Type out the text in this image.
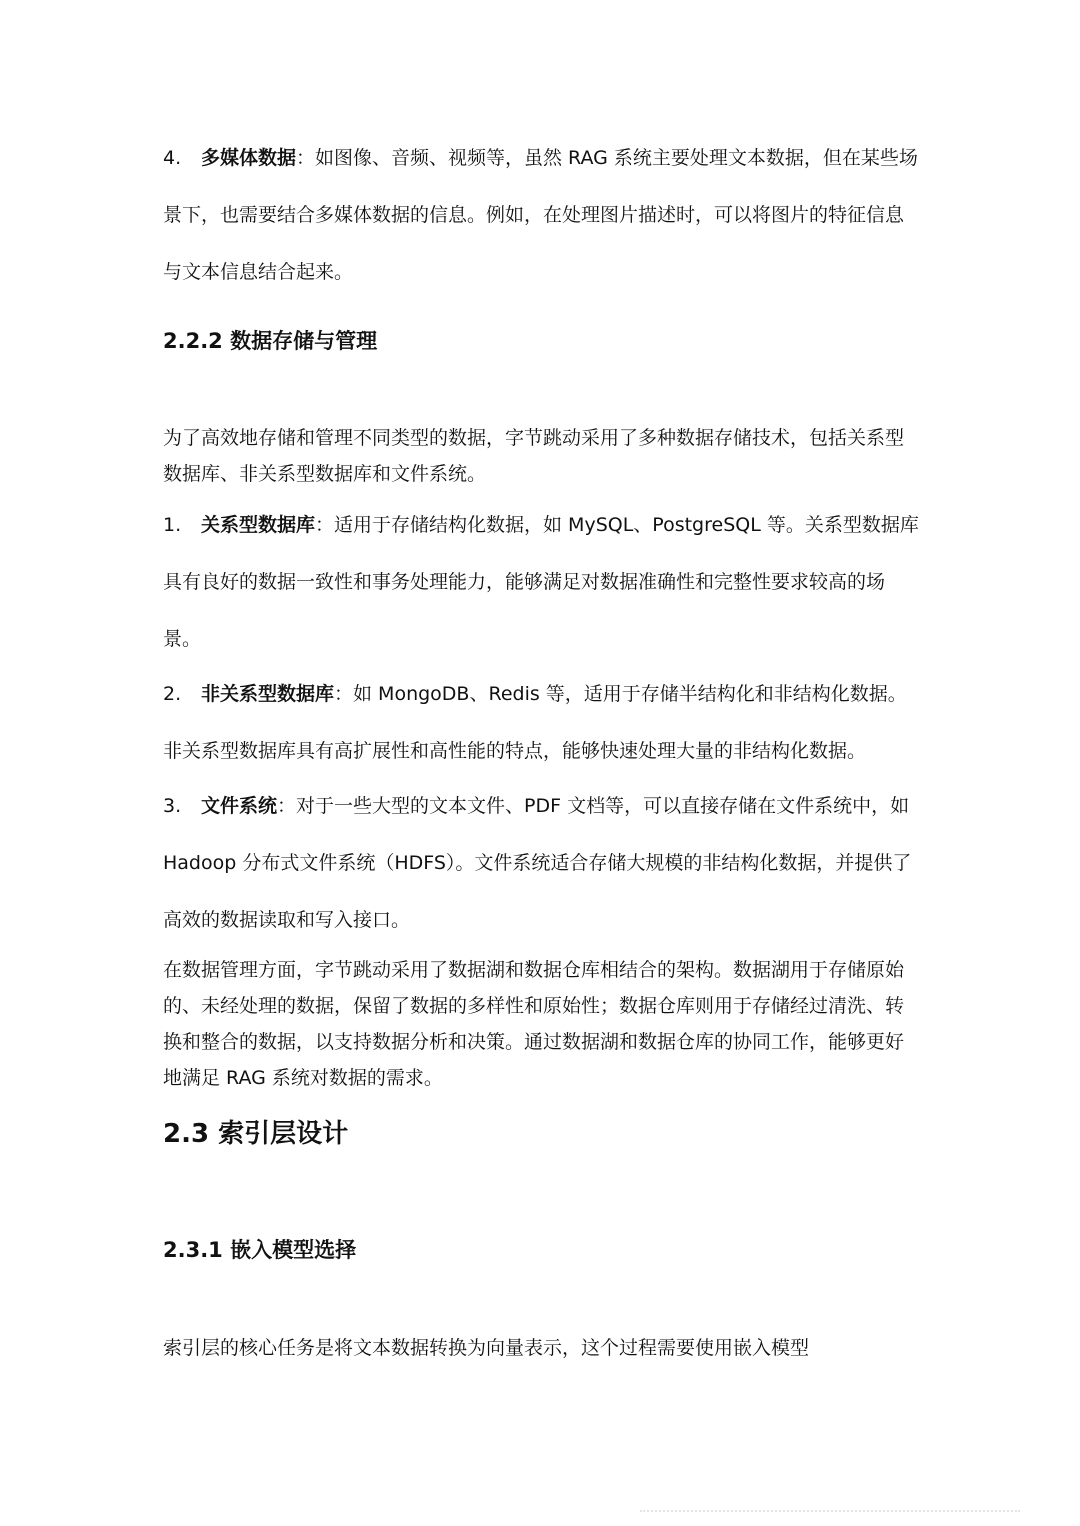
4. 多媒体数据：如图像、音频、视频等，虽然 RAG 系统主要处理文本数据，但在某些场景下，也需要结合多媒体数据的信息。例如，在处理图片描述时，可以将图片的特征信息与文本信息结合起来。
2.2.2 数据存储与管理
为了高效地存储和管理不同类型的数据，字节跳动采用了多种数据存储技术，包括关系型数据库、非关系型数据库和文件系统。
1. 关系型数据库：适用于存储结构化数据，如 MySQL、PostgreSQL 等。关系型数据库具有良好的数据一致性和事务处理能力，能够满足对数据准确性和完整性要求较高的场景。
2. 非关系型数据库：如 MongoDB、Redis 等，适用于存储半结构化和非结构化数据。非关系型数据库具有高扩展性和高性能的特点，能够快速处理大量的非结构化数据。
3. 文件系统：对于一些大型的文本文件、PDF 文档等，可以直接存储在文件系统中，如 Hadoop 分布式文件系统（HDFS）。文件系统适合存储大规模的非结构化数据，并提供了高效的数据读取和写入接口。
在数据管理方面，字节跳动采用了数据湖和数据仓库相结合的架构。数据湖用于存储原始的、未经处理的数据，保留了数据的多样性和原始性；数据仓库则用于存储经过清洗、转换和整合的数据，以支持数据分析和决策。通过数据湖和数据仓库的协同工作，能够更好地满足 RAG 系统对数据的需求。
2.3 索引层设计
2.3.1 嵌入模型选择
索引层的核心任务是将文本数据转换为向量表示，这个过程需要使用嵌入模型
